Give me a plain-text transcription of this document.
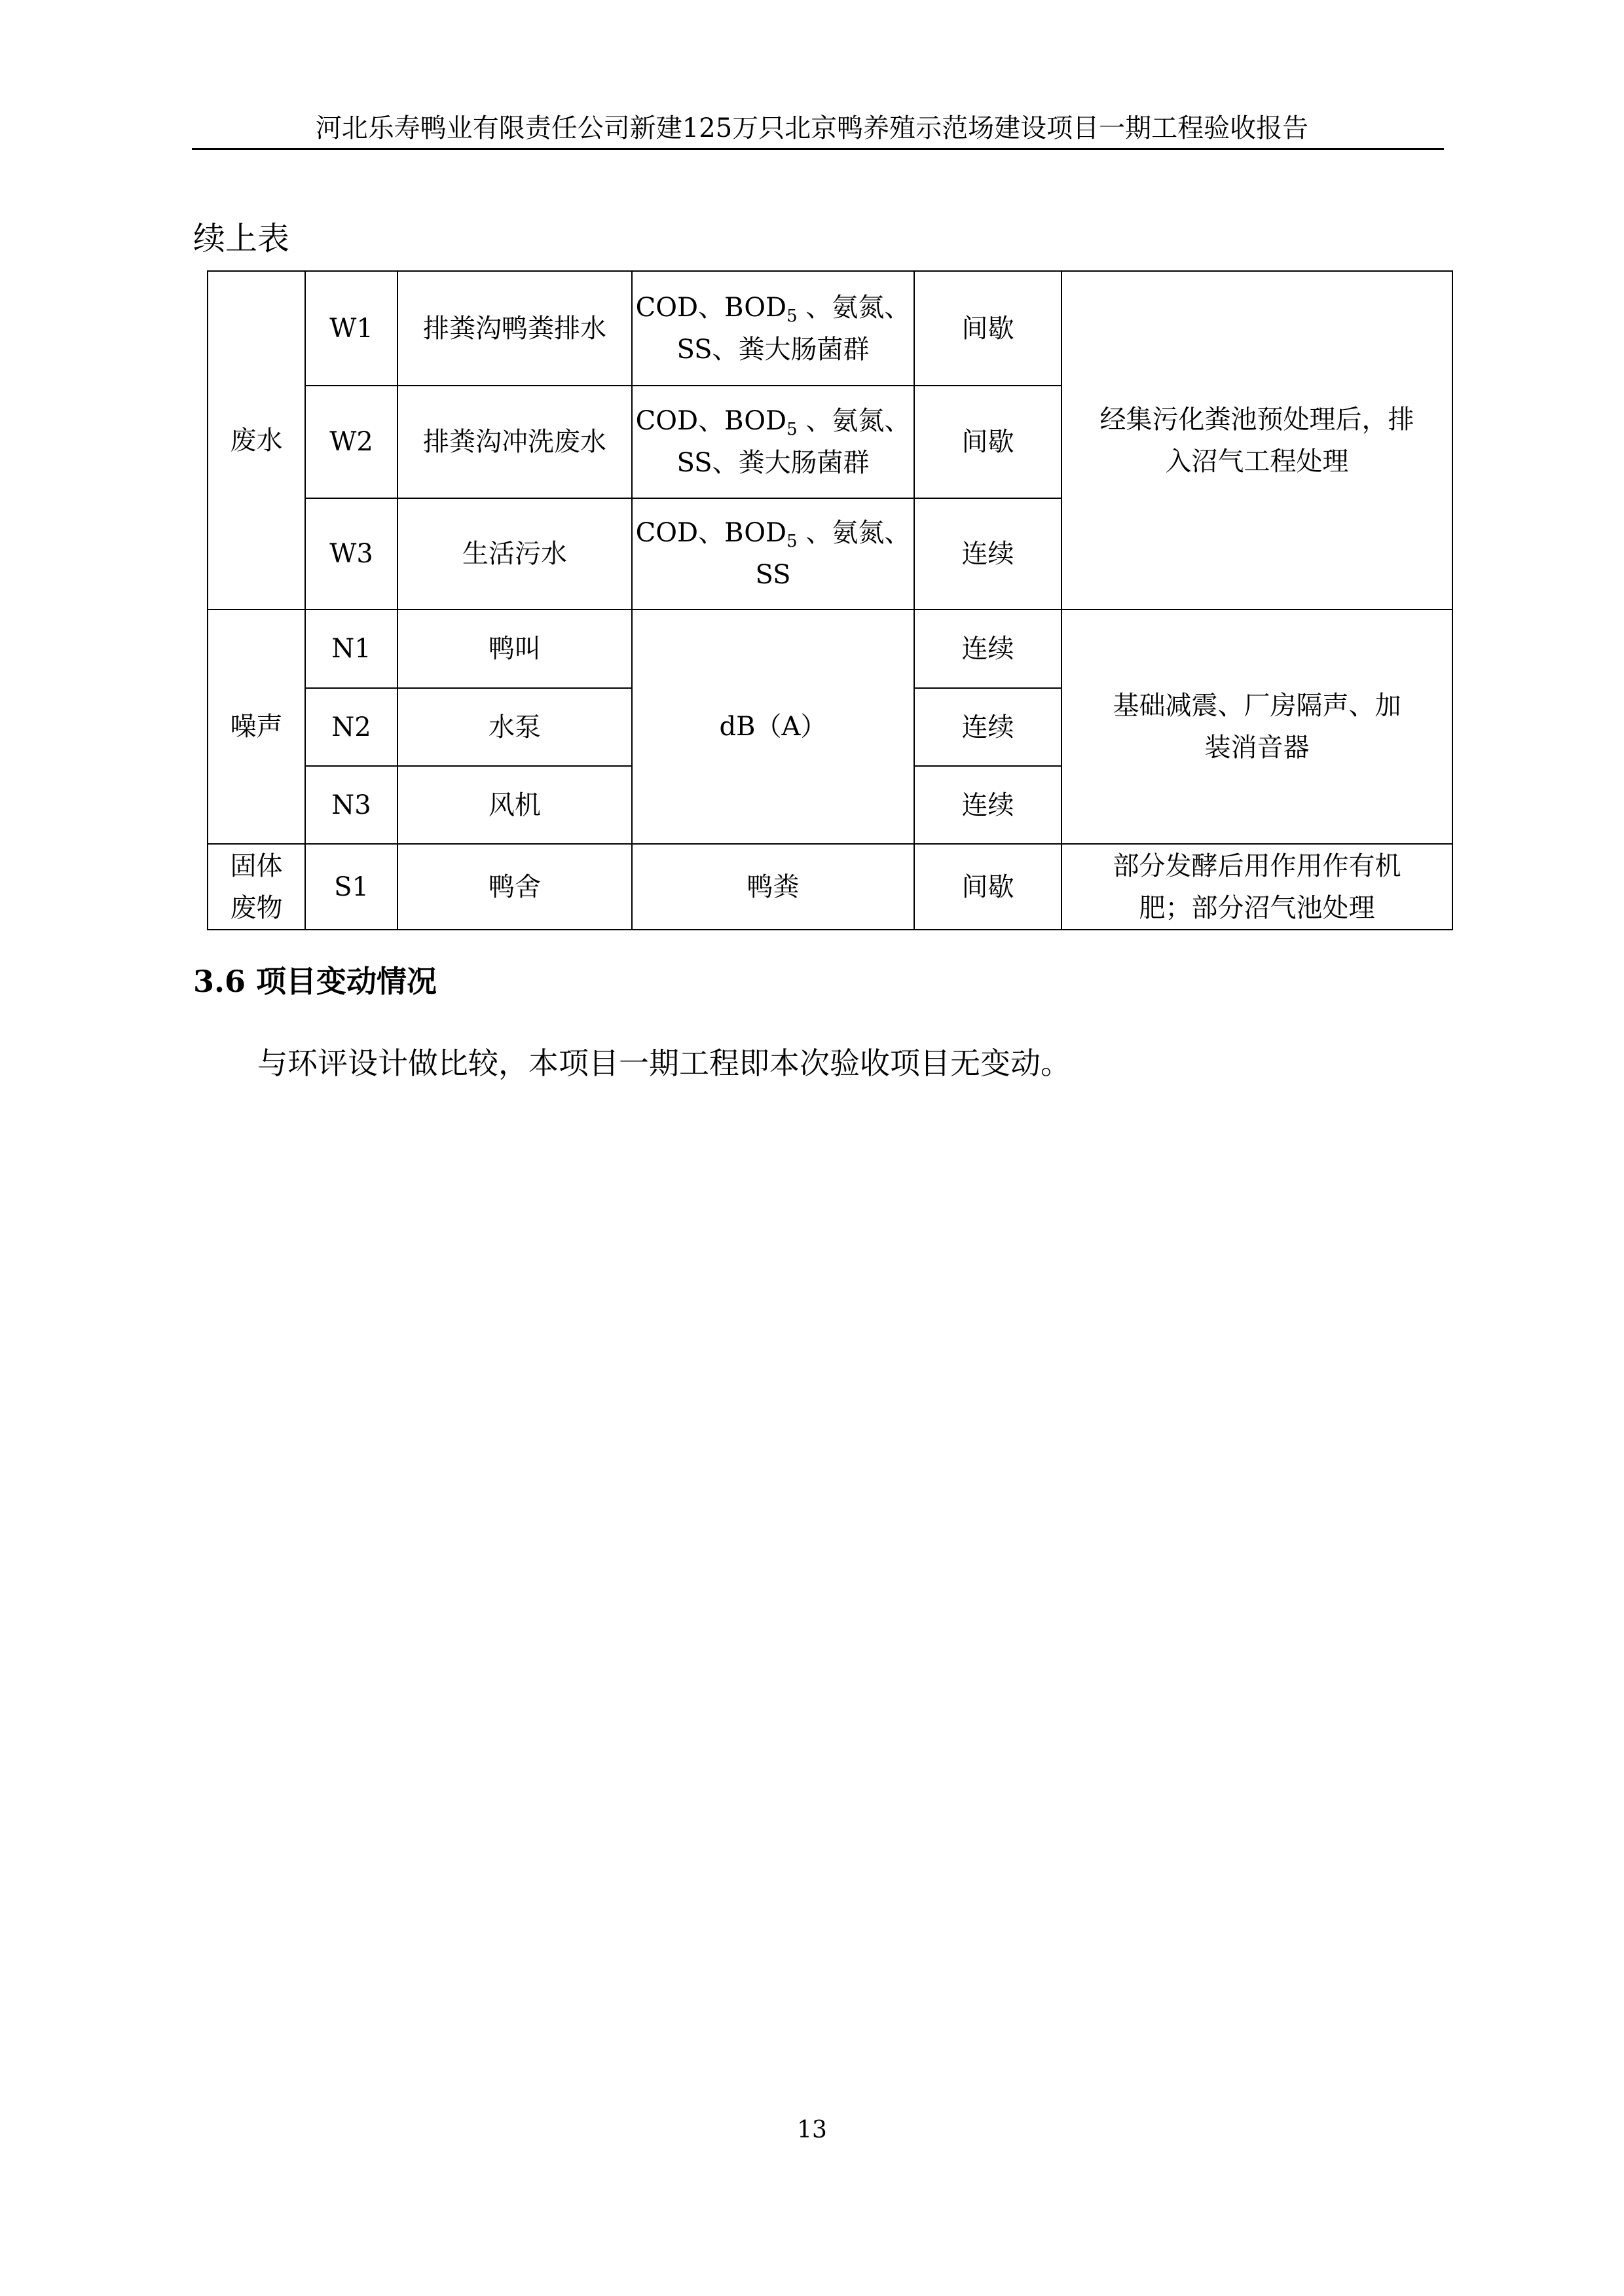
河北乐寿鸭业有限责任公司新建125万只北京鸭养殖示范场建设项目一期工程验收报告
续上表
废水	W1	排粪沟鸭粪排水	COD、$BOD_5$ 、氨氮、SS、粪大肠菌群	间歇	经集污化粪池预处理后，排入沼气工程处理
	W2	排粪沟冲洗废水	COD、$BOD_5$ 、氨氮、SS、粪大肠菌群	间歇	
	W3	生活污水	COD、$BOD_5$ 、氨氮、SS	连续	
噪声	N1	鸭叫	dB（A）	连续	基础减震、厂房隔声、加装消音器
	N2	水泵		连续	
	N3	风机		连续	
固体废物	S1	鸭舍	鸭粪	间歇	部分发酵后用作用作有机肥；部分沼气池处理
3.6 项目变动情况
与环评设计做比较，本项目一期工程即本次验收项目无变动。
13
